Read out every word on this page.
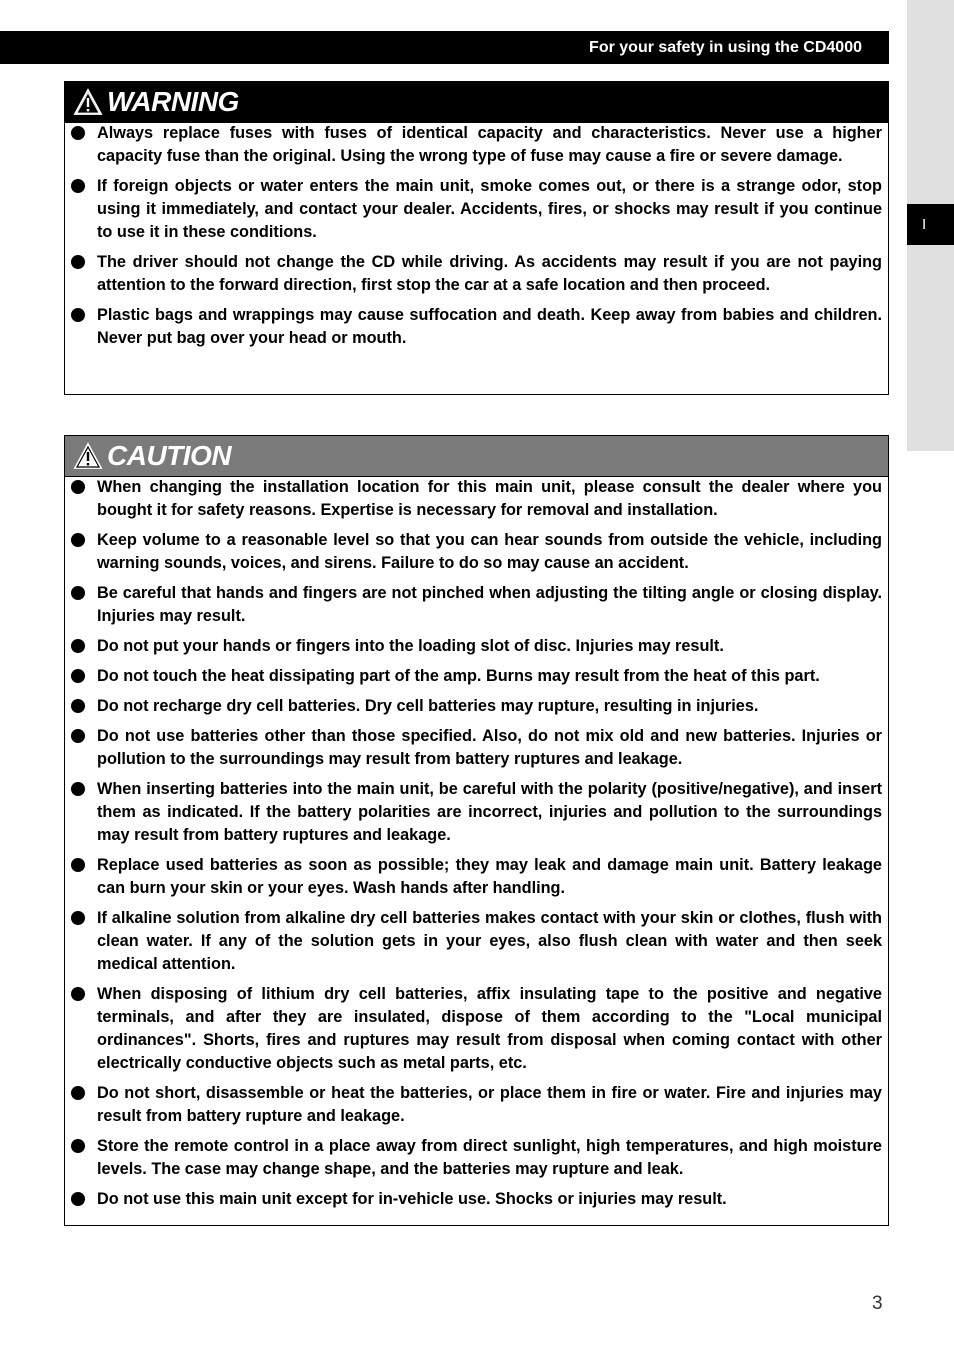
I
For your safety in using the CD4000
WARNING
Always replace fuses with fuses of identical capacity and characteristics. Never use a higher capacity fuse than the original. Using the wrong type of fuse may cause a fire or severe damage.
If foreign objects or water enters the main unit, smoke comes out, or there is a strange odor, stop using it immediately, and contact your dealer. Accidents, fires, or shocks may result if you continue to use it in these conditions.
The driver should not change the CD while driving. As accidents may result if you are not paying attention to the forward direction, first stop the car at a safe location and then proceed.
Plastic bags and wrappings may cause suffocation and death. Keep away from babies and children. Never put bag over your head or mouth.
CAUTION
When changing the installation location for this main unit, please consult the dealer where you bought it for safety reasons. Expertise is necessary for removal and installation.
Keep volume to a reasonable level so that you can hear sounds from outside the vehicle, including warning sounds, voices, and sirens. Failure to do so may cause an accident.
Be careful that hands and fingers are not pinched when adjusting the tilting angle or closing display. Injuries may result.
Do not put your hands or fingers into the loading slot of disc. Injuries may result.
Do not touch the heat dissipating part of the amp. Burns may result from the heat of this part.
Do not recharge dry cell batteries. Dry cell batteries may rupture, resulting in injuries.
Do not use batteries other than those specified. Also, do not mix old and new batteries. Injuries or pollution to the surroundings may result from battery ruptures and leakage.
When inserting batteries into the main unit, be careful with the polarity (positive/negative), and insert them as indicated. If the battery polarities are incorrect, injuries and pollution to the surroundings may result from battery ruptures and leakage.
Replace used batteries as soon as possible; they may leak and damage main unit. Battery leakage can burn your skin or your eyes. Wash hands after handling.
If alkaline solution from alkaline dry cell batteries makes contact with your skin or clothes, flush with clean water. If any of the solution gets in your eyes, also flush clean with water and then seek medical attention.
When disposing of lithium dry cell batteries, affix insulating tape to the positive and negative terminals, and after they are insulated, dispose of them according to the "Local municipal ordinances". Shorts, fires and ruptures may result from disposal when coming contact with other electrically conductive objects such as metal parts, etc.
Do not short, disassemble or heat the batteries, or place them in fire or water. Fire and injuries may result from battery rupture and leakage.
Store the remote control in a place away from direct sunlight, high temperatures, and high moisture levels. The case may change shape, and the batteries may rupture and leak.
Do not use this main unit except for in-vehicle use. Shocks or injuries may result.
3
